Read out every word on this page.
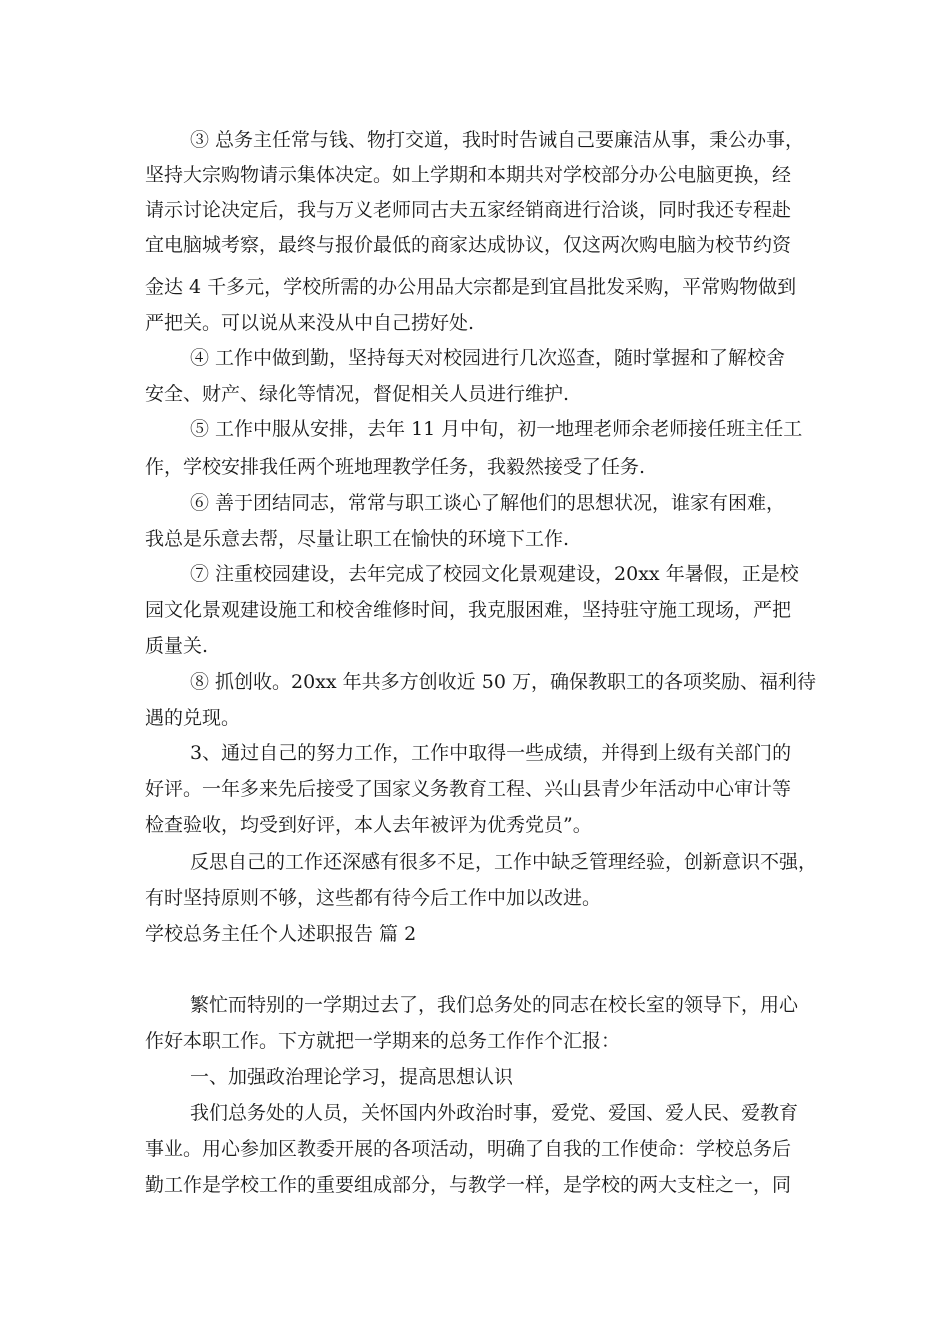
③ 总务主任常与钱、物打交道，我时时告诫自己要廉洁从事，秉公办事，
坚持大宗购物请示集体决定。如上学期和本期共对学校部分办公电脑更换，经
请示讨论决定后，我与万义老师同古夫五家经销商进行洽谈，同时我还专程赴
宜电脑城考察，最终与报价最低的商家达成协议，仅这两次购电脑为校节约资
金达 4 千多元，学校所需的办公用品大宗都是到宜昌批发采购，平常购物做到
严把关。可以说从来没从中自己捞好处.
④ 工作中做到勤，坚持每天对校园进行几次巡查，随时掌握和了解校舍
安全、财产、绿化等情况，督促相关人员进行维护.
⑤ 工作中服从安排，去年 11 月中旬，初一地理老师余老师接任班主任工
作，学校安排我任两个班地理教学任务，我毅然接受了任务.
⑥ 善于团结同志，常常与职工谈心了解他们的思想状况，谁家有困难，
我总是乐意去帮，尽量让职工在愉快的环境下工作.
⑦ 注重校园建设，去年完成了校园文化景观建设，20xx 年暑假，正是校
园文化景观建设施工和校舍维修时间，我克服困难，坚持驻守施工现场，严把
质量关.
⑧ 抓创收。20xx 年共多方创收近 50 万，确保教职工的各项奖励、福利待
遇的兑现。
3、通过自己的努力工作，工作中取得一些成绩，并得到上级有关部门的
好评。一年多来先后接受了国家义务教育工程、兴山县青少年活动中心审计等
检查验收，均受到好评，本人去年被评为优秀党员”。
反思自己的工作还深感有很多不足，工作中缺乏管理经验，创新意识不强，
有时坚持原则不够，这些都有待今后工作中加以改进。
学校总务主任个人述职报告 篇 2
繁忙而特别的一学期过去了，我们总务处的同志在校长室的领导下，用心
作好本职工作。下方就把一学期来的总务工作作个汇报：
一、加强政治理论学习，提高思想认识
我们总务处的人员，关怀国内外政治时事，爱党、爱国、爱人民、爱教育
事业。用心参加区教委开展的各项活动，明确了自我的工作使命：学校总务后
勤工作是学校工作的重要组成部分，与教学一样，是学校的两大支柱之一，同
